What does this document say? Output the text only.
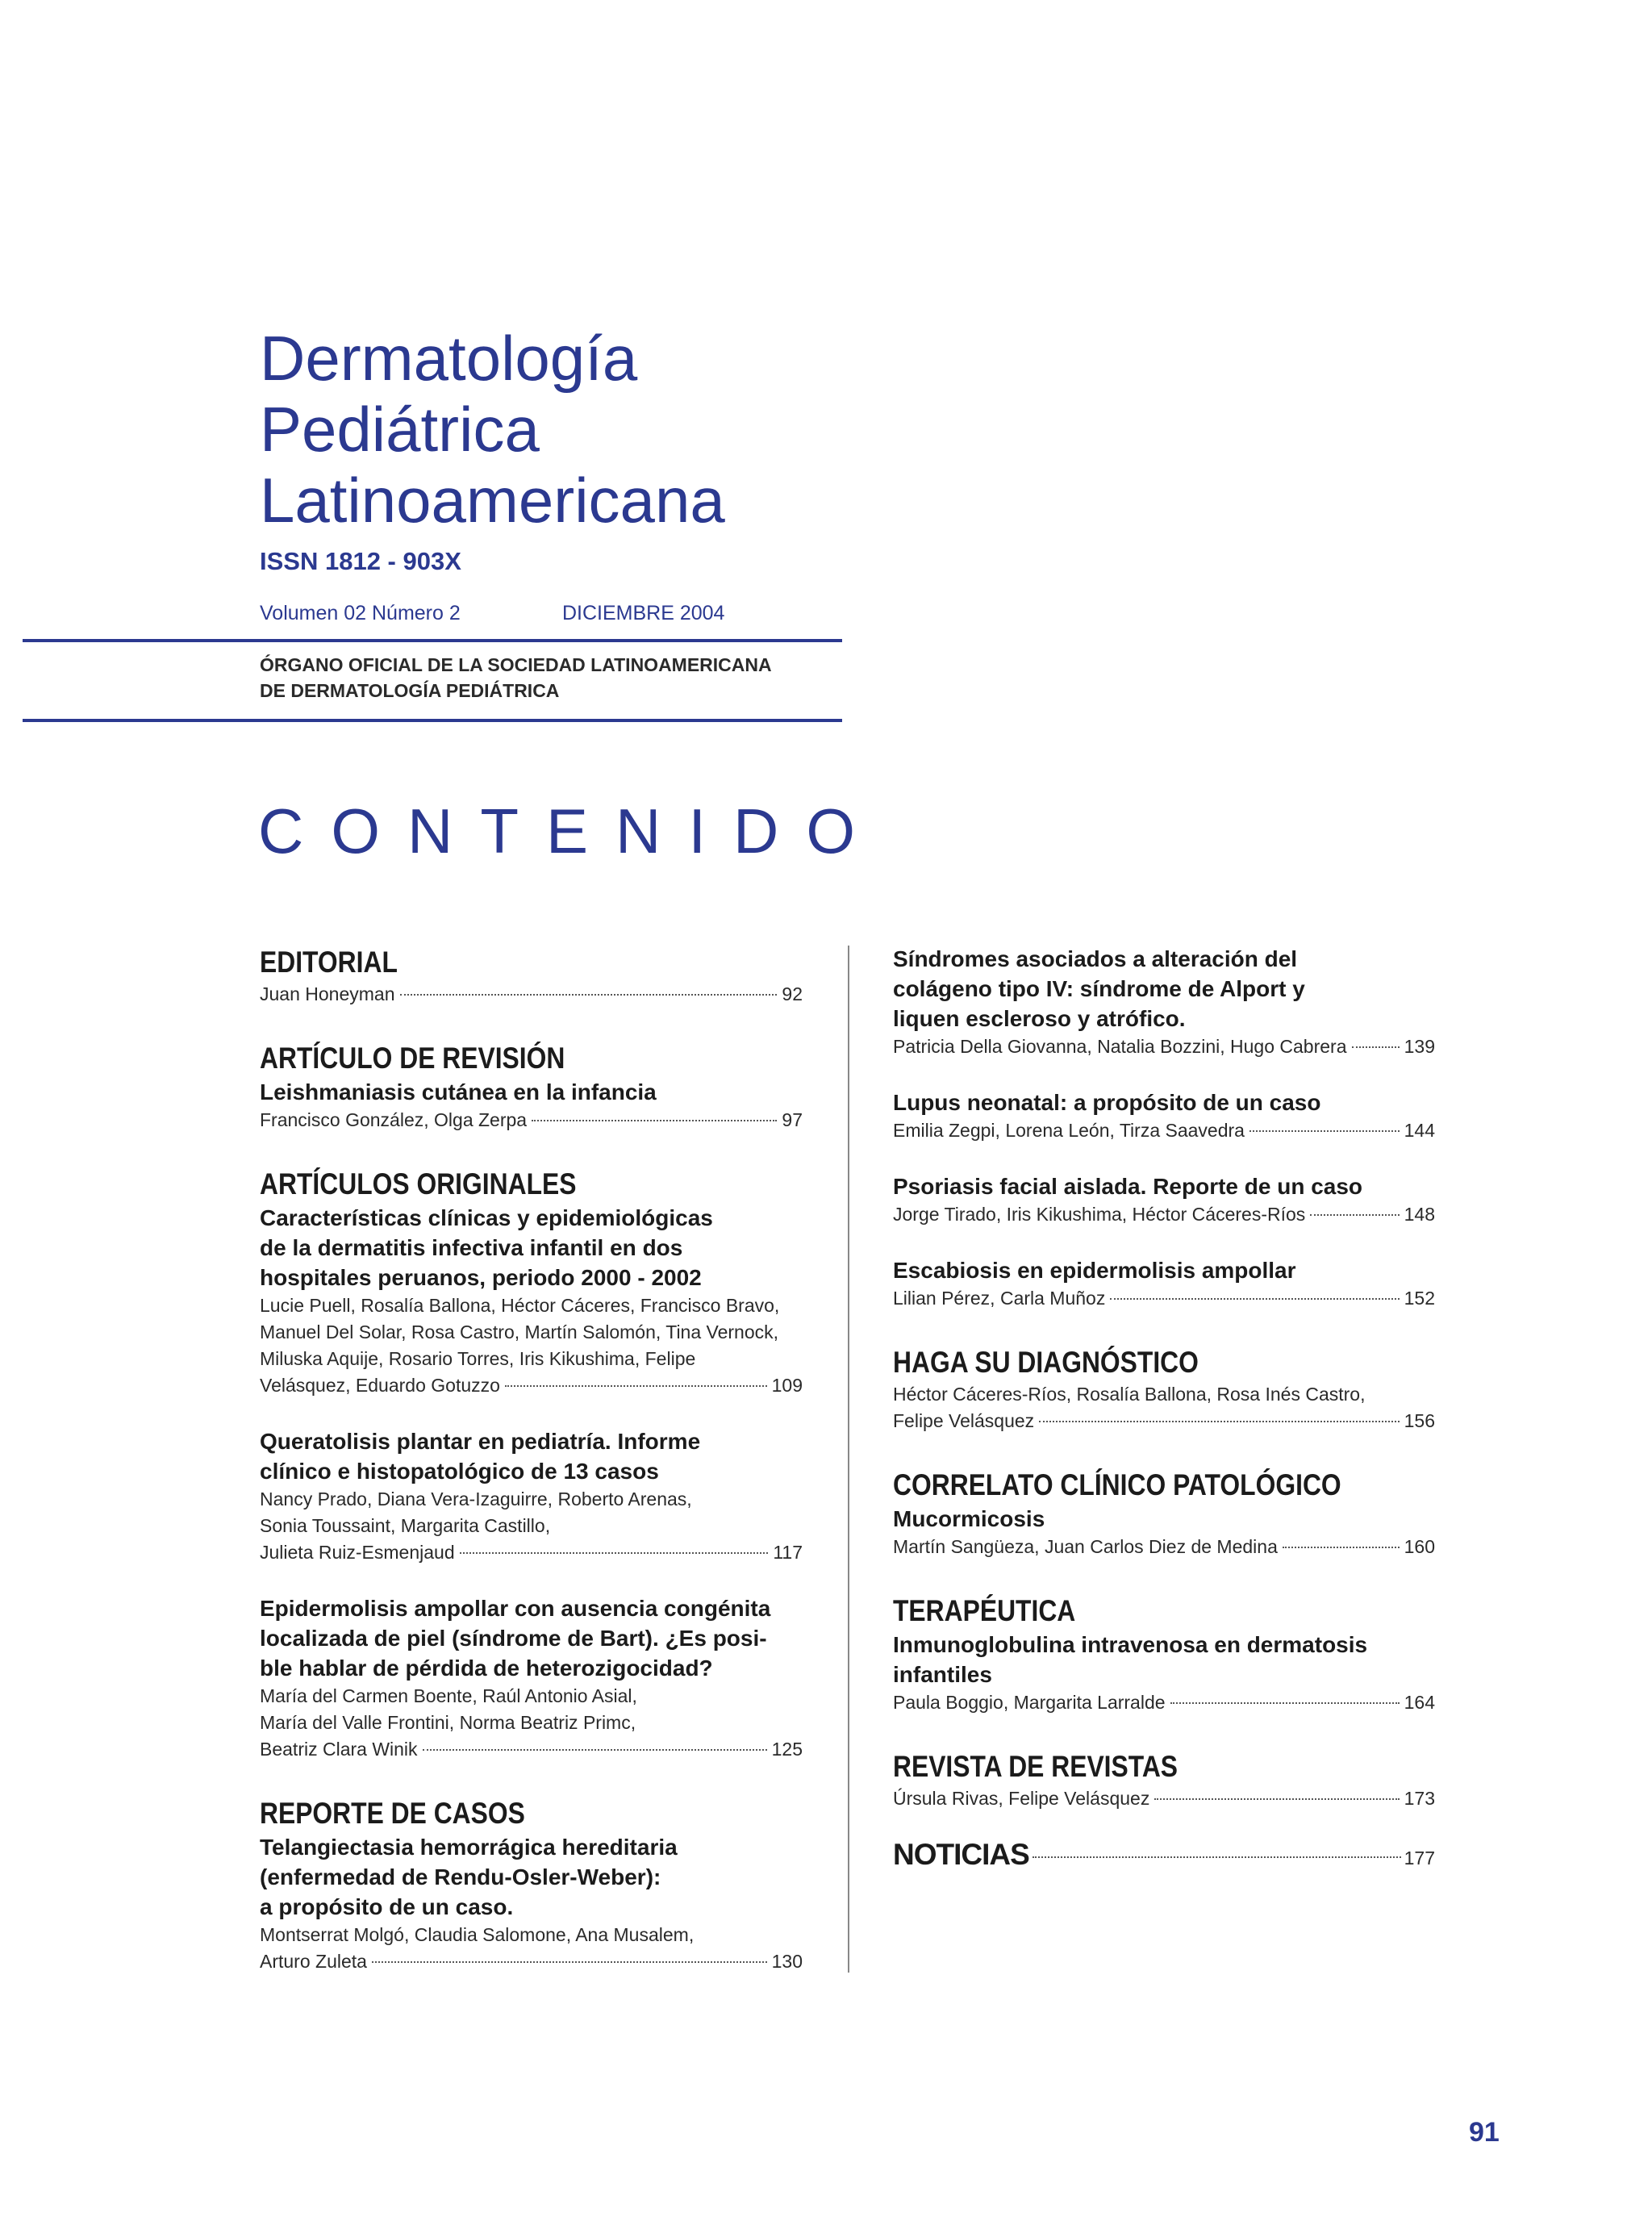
Dermatología
Pediátrica
Latinoamericana
ISSN 1812 - 903X
Volumen 02 Número 2	DICIEMBRE 2004
ÓRGANO OFICIAL DE LA SOCIEDAD LATINOAMERICANA
DE DERMATOLOGÍA PEDIÁTRICA
CONTENIDO
EDITORIAL
Juan Honeyman	92
ARTÍCULO DE REVISIÓN
Leishmaniasis cutánea en la infancia
Francisco González, Olga Zerpa	97
ARTÍCULOS ORIGINALES
Características clínicas y epidemiológicas
de la dermatitis infectiva infantil en dos
hospitales peruanos, periodo 2000 - 2002
Lucie Puell, Rosalía Ballona, Héctor Cáceres, Francisco Bravo,
Manuel Del Solar, Rosa Castro, Martín Salomón, Tina Vernock,
Miluska Aquije, Rosario Torres, Iris Kikushima, Felipe
Velásquez, Eduardo Gotuzzo	109
Queratolisis plantar en pediatría. Informe
clínico e histopatológico de 13 casos
Nancy Prado, Diana Vera-Izaguirre, Roberto Arenas,
Sonia Toussaint, Margarita Castillo,
Julieta Ruiz-Esmenjaud	117
Epidermolisis ampollar con ausencia congénita
localizada de piel (síndrome de Bart). ¿Es posi-
ble hablar de pérdida de heterozigocidad?
María del Carmen Boente, Raúl Antonio Asial,
María del Valle Frontini, Norma Beatriz Primc,
Beatriz Clara Winik	125
REPORTE DE CASOS
Telangiectasia hemorrágica hereditaria
(enfermedad de Rendu-Osler-Weber):
a propósito de un caso.
Montserrat Molgó, Claudia Salomone, Ana Musalem,
Arturo Zuleta	130
Síndromes asociados a alteración del
colágeno tipo IV: síndrome de Alport y
liquen escleroso y atrófico.
Patricia Della Giovanna, Natalia Bozzini, Hugo Cabrera	139
Lupus neonatal: a propósito de un caso
Emilia Zegpi, Lorena León, Tirza Saavedra	144
Psoriasis facial aislada. Reporte de un caso
Jorge Tirado, Iris Kikushima, Héctor Cáceres-Ríos	148
Escabiosis en epidermolisis ampollar
Lilian Pérez, Carla Muñoz	152
HAGA SU DIAGNÓSTICO
Héctor Cáceres-Ríos, Rosalía Ballona, Rosa Inés Castro,
Felipe Velásquez	156
CORRELATO CLÍNICO PATOLÓGICO
Mucormicosis
Martín Sangüeza, Juan Carlos Diez de Medina	160
TERAPÉUTICA
Inmunoglobulina intravenosa en dermatosis
infantiles
Paula Boggio, Margarita Larralde	164
REVISTA DE REVISTAS
Úrsula Rivas, Felipe Velásquez	173
NOTICIAS	177
91
